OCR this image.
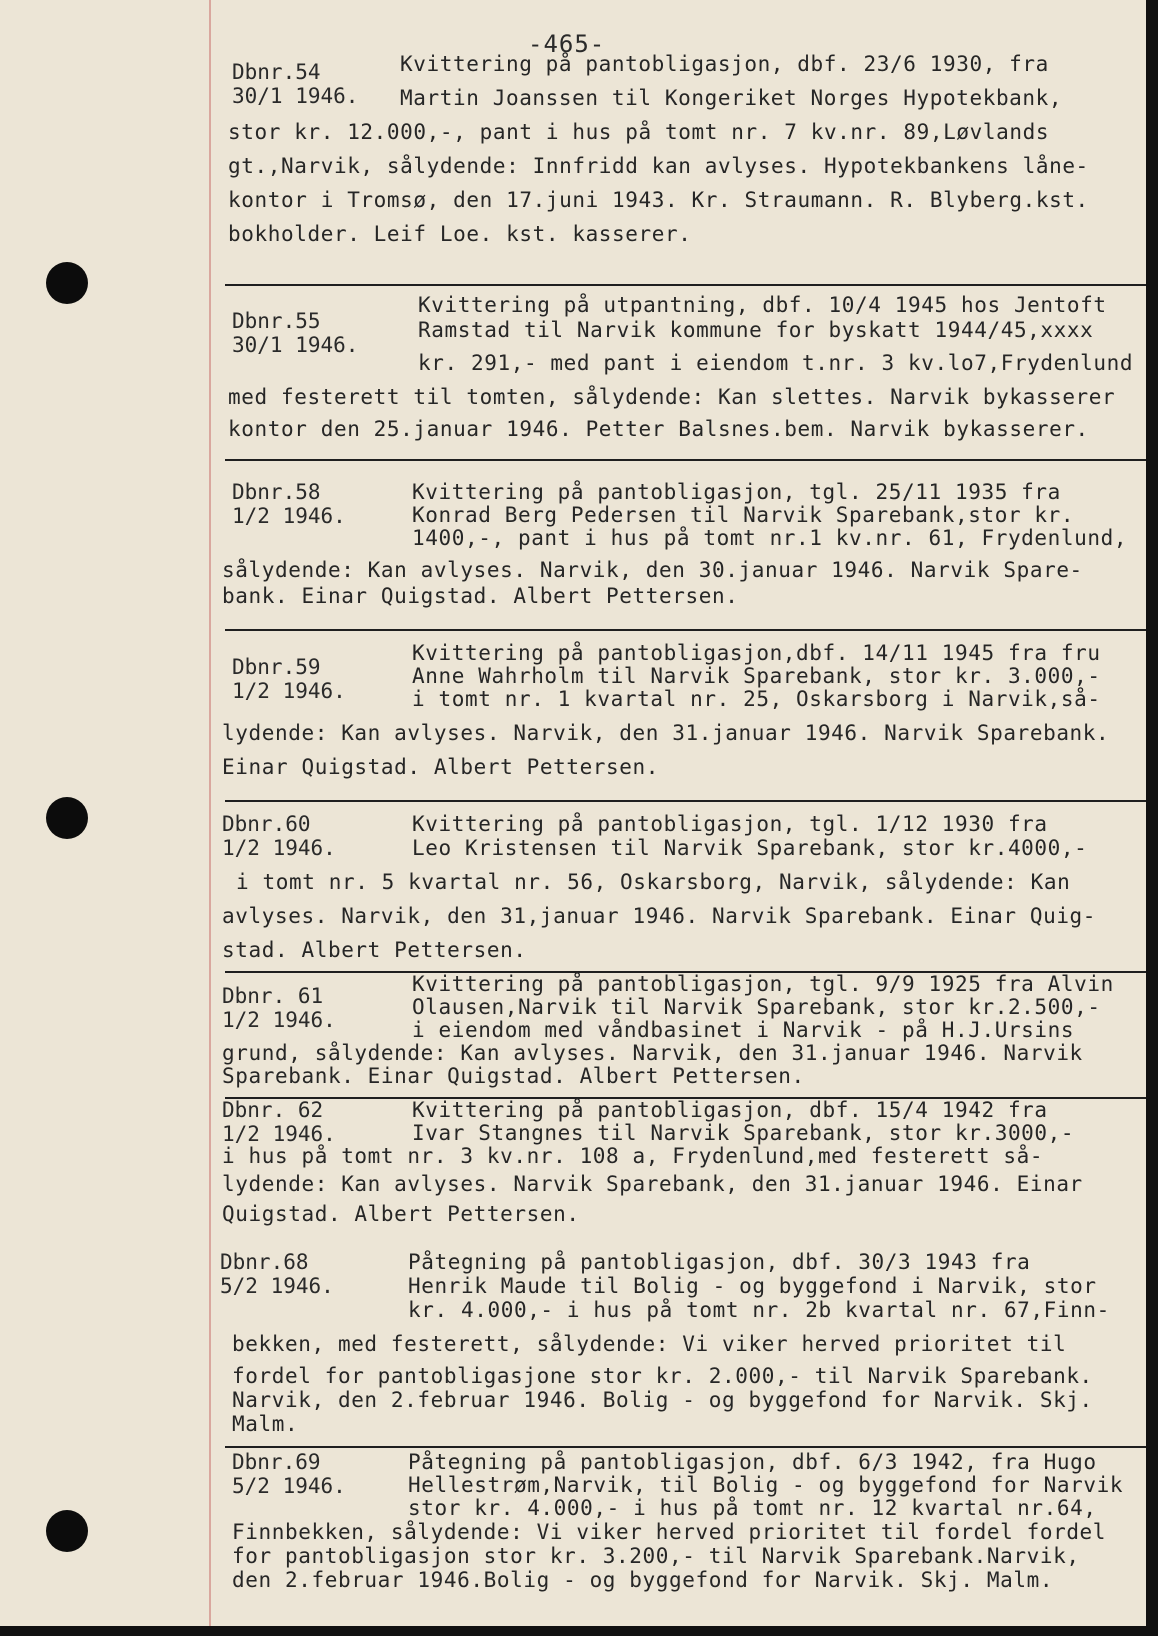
-465-
Dbnr.54
30/1 1946.
Kvittering på pantobligasjon, dbf. 23/6 1930, fra
Martin Joanssen til Kongeriket Norges Hypotekbank,
stor kr. 12.000,-, pant i hus på tomt nr. 7 kv.nr. 89,Løvlands
gt.,Narvik, sålydende: Innfridd kan avlyses. Hypotekbankens låne-
kontor i Tromsø, den 17.juni 1943. Kr. Straumann. R. Blyberg.kst.
bokholder. Leif Loe. kst. kasserer.
Dbnr.55
30/1 1946.
Kvittering på utpantning, dbf. 10/4 1945 hos Jentoft
Ramstad til Narvik kommune for byskatt 1944/45,xxxx
kr. 291,- med pant i eiendom t.nr. 3 kv.lo7,Frydenlund
med festerett til tomten, sålydende: Kan slettes. Narvik bykasserer
kontor den 25.januar 1946. Petter Balsnes.bem. Narvik bykasserer.
Dbnr.58
1/2 1946.
Kvittering på pantobligasjon, tgl. 25/11 1935 fra
Konrad Berg Pedersen til Narvik Sparebank,stor kr.
1400,-, pant i hus på tomt nr.1 kv.nr. 61, Frydenlund,
sålydende: Kan avlyses. Narvik, den 30.januar 1946. Narvik Spare-
bank. Einar Quigstad. Albert Pettersen.
Dbnr.59
1/2 1946.
Kvittering på pantobligasjon,dbf. 14/11 1945 fra fru
Anne Wahrholm til Narvik Sparebank, stor kr. 3.000,-
i tomt nr. 1 kvartal nr. 25, Oskarsborg i Narvik,så-
lydende: Kan avlyses. Narvik, den 31.januar 1946. Narvik Sparebank.
Einar Quigstad. Albert Pettersen.
Dbnr.60
1/2 1946.
Kvittering på pantobligasjon, tgl. 1/12 1930 fra
Leo Kristensen til Narvik Sparebank, stor kr.4000,-
i tomt nr. 5 kvartal nr. 56, Oskarsborg, Narvik, sålydende: Kan
avlyses. Narvik, den 31,januar 1946. Narvik Sparebank. Einar Quig-
stad. Albert Pettersen.
Dbnr. 61
1/2 1946.
Kvittering på pantobligasjon, tgl. 9/9 1925 fra Alvin
Olausen,Narvik til Narvik Sparebank, stor kr.2.500,-
i eiendom med våndbasinet i Narvik - på H.J.Ursins
grund, sålydende: Kan avlyses. Narvik, den 31.januar 1946. Narvik
Sparebank. Einar Quigstad. Albert Pettersen.
Dbnr. 62
1/2 1946.
Kvittering på pantobligasjon, dbf. 15/4 1942 fra
Ivar Stangnes til Narvik Sparebank, stor kr.3000,-
i hus på tomt nr. 3 kv.nr. 108 a, Frydenlund,med festerett så-
lydende: Kan avlyses. Narvik Sparebank, den 31.januar 1946. Einar
Quigstad. Albert Pettersen.
Dbnr.68
5/2 1946.
Påtegning på pantobligasjon, dbf. 30/3 1943 fra
Henrik Maude til Bolig - og byggefond i Narvik, stor
kr. 4.000,- i hus på tomt nr. 2b kvartal nr. 67,Finn-
bekken, med festerett, sålydende: Vi viker herved prioritet til
fordel for pantobligasjone stor kr. 2.000,- til Narvik Sparebank.
Narvik, den 2.februar 1946. Bolig - og byggefond for Narvik. Skj.
Malm.
Dbnr.69
5/2 1946.
Påtegning på pantobligasjon, dbf. 6/3 1942, fra Hugo
Hellestrøm,Narvik, til Bolig - og byggefond for Narvik
stor kr. 4.000,- i hus på tomt nr. 12 kvartal nr.64,
Finnbekken, sålydende: Vi viker herved prioritet til fordel fordel
for pantobligasjon stor kr. 3.200,- til Narvik Sparebank.Narvik,
den 2.februar 1946.Bolig - og byggefond for Narvik. Skj. Malm.
